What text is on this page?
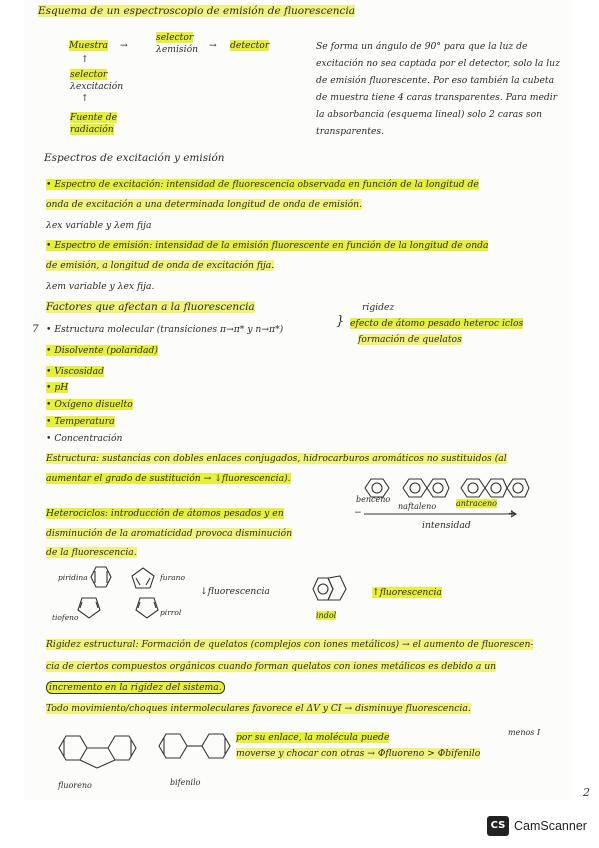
Esquema de un espectroscopio de emisión de fluorescencia
Muestra →
selector
λemisión → detector
↑
selector
λexcitación
↑
Fuente de
radiación
Se forma un ángulo de 90° para que la luz de excitación no sea captada por el detector, solo la luz de emisión fluorescente. Por eso también la cubeta de muestra tiene 4 caras transparentes. Para medir la absorbancia (esquema lineal) solo 2 caras son transparentes.
Espectros de excitación y emisión
• Espectro de excitación: intensidad de fluorescencia observada en función de la longitud de
onda de excitación a una determinada longitud de onda de emisión.
λex variable y λem fija
• Espectro de emisión: intensidad de la emisión fluorescente en función de la longitud de onda
de emisión, a longitud de onda de excitación fija.
λem variable y λex fija.
Factores que afectan a la fluorescencia
7 • Estructura molecular (transiciones π→π* y n→π*)
• Disolvente (polaridad)
• Viscosidad
• pH
• Oxígeno disuelto
• Temperatura
• Concentración
}
rigidez
efecto de átomo pesado heteroc iclos
formación de quelatos
Estructura: sustancias con dobles enlaces conjugados, hidrocarburos aromáticos no sustituidos (al
aumentar el grado de sustitución → ↓fluorescencia).
benceno
naftaleno antraceno
−	+
intensidad
Heterociclos: introducción de átomos pesados y en
disminución de la aromaticidad provoca disminución
de la fluorescencia.
piridina	furano
tiofeno
pirrol
↓fluorescencia
indol
↑fluorescencia
Rigidez estructural: Formación de quelatos (complejos con iones metálicos) → el aumento de fluorescen-
cia de ciertos compuestos orgánicos cuando forman quelatos con iones metálicos es debido a un
incremento en la rigidez del sistema.
Todo movimiento/choques intermoleculares favorece el ΔV y CI → disminuye fluorescencia.
fluoreno	bifenilo
por su enlace, la molécula puede
moverse y chocar con otras → Φfluoreno > Φbifenilo
menos I
2
CS CamScanner
